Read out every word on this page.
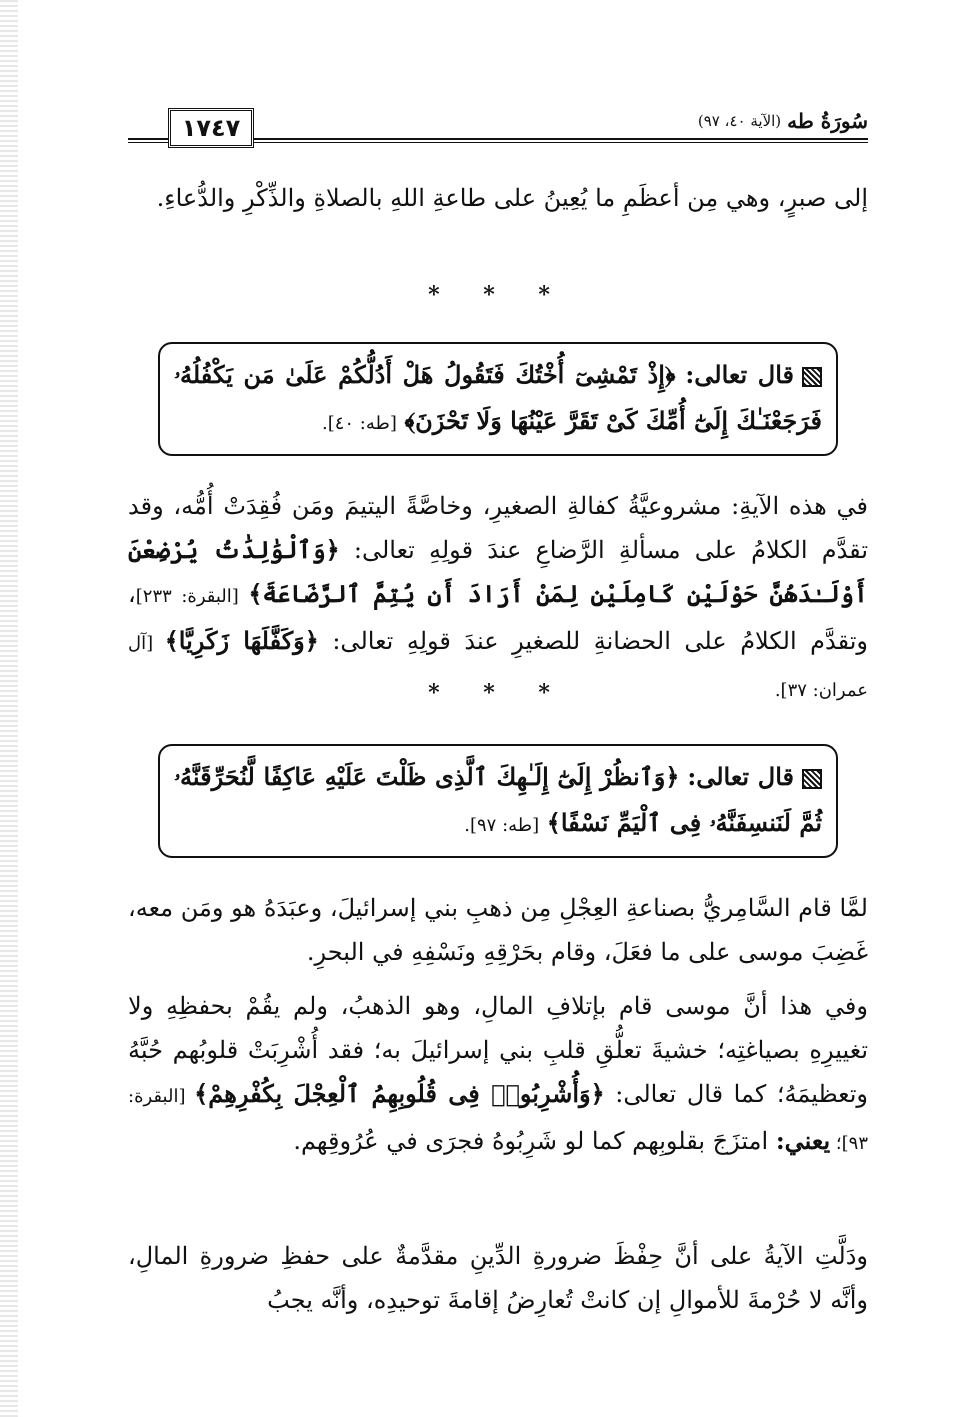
١٧٤٧	سُورَةُ طه
(الآية ٤٠، ٩٧)
إلى صبرٍ، وهي مِن أعظَمِ ما يُعِينُ على طاعةِ اللهِ بالصلاةِ والذِّكْرِ والدُّعاءِ.
* * *
قال تعالى: ﴿إِذْ تَمْشِىٓ أُخْتُكَ فَتَقُولُ هَلْ أَدُلُّكُمْ عَلَىٰ مَن يَكْفُلُهُۥ فَرَجَعْنَـٰكَ إِلَىٰٓ أُمِّكَ كَىْ تَقَرَّ عَيْنُهَا وَلَا تَحْزَنَ﴾ [طه: ٤٠].
في هذه الآيةِ: مشروعيَّةُ كفالةِ الصغيرِ، وخاصَّةً اليتيمَ ومَن فُقِدَتْ أُمُّه، وقد تقدَّم الكلامُ على مسألةِ الرَّضاعِ عندَ قولِهِ تعالى: ﴿وَٱلْوَٰلِدَٰتُ يُرْضِعْنَ أَوْلَـٰدَهُنَّ حَوْلَيْنِ كَامِلَيْنِ لِمَنْ أَرَادَ أَن يُتِمَّ ٱلرَّضَاعَةَ﴾ [البقرة: ٢٣٣]، وتقدَّم الكلامُ على الحضانةِ للصغيرِ عندَ قولِهِ تعالى: ﴿وَكَفَّلَهَا زَكَرِيَّا﴾ [آل عمران: ٣٧].
* * *
قال تعالى: ﴿وَٱنظُرْ إِلَىٰٓ إِلَـٰهِكَ ٱلَّذِى ظَلْتَ عَلَيْهِ عَاكِفًا لَّنُحَرِّقَنَّهُۥ ثُمَّ لَنَنسِفَنَّهُۥ فِى ٱلْيَمِّ نَسْفًا﴾ [طه: ٩٧].
لمَّا قام السَّامِريُّ بصناعةِ العِجْلِ مِن ذهبِ بني إسرائيلَ، وعبَدَهُ هو ومَن معه، غَضِبَ موسى على ما فعَلَ، وقام بحَرْقِهِ ونَسْفِهِ في البحرِ.
وفي هذا أنَّ موسى قام بإتلافِ المالِ، وهو الذهبُ، ولم يقُمْ بحفظِهِ ولا تغييرِهِ بصياغتِه؛ خشيةَ تعلُّقِ قلبِ بني إسرائيلَ به؛ فقد أُشْرِبَتْ قلوبُهم حُبَّهُ وتعظيمَهُ؛ كما قال تعالى: ﴿وَأُشْرِبُوا۟ فِى قُلُوبِهِمُ ٱلْعِجْلَ بِكُفْرِهِمْ﴾ [البقرة: ٩٣]؛ يعني: امتزَجَ بقلوبِهم كما لو شَرِبُوهُ فجرَى في عُرُوقِهم.
ودَلَّتِ الآيةُ على أنَّ حِفْظَ ضرورةِ الدِّينِ مقدَّمةٌ على حفظِ ضرورةِ المالِ، وأنَّه لا حُرْمةَ للأموالِ إن كانتْ تُعارِضُ إقامةَ توحيدِه، وأنَّه يجبُ
